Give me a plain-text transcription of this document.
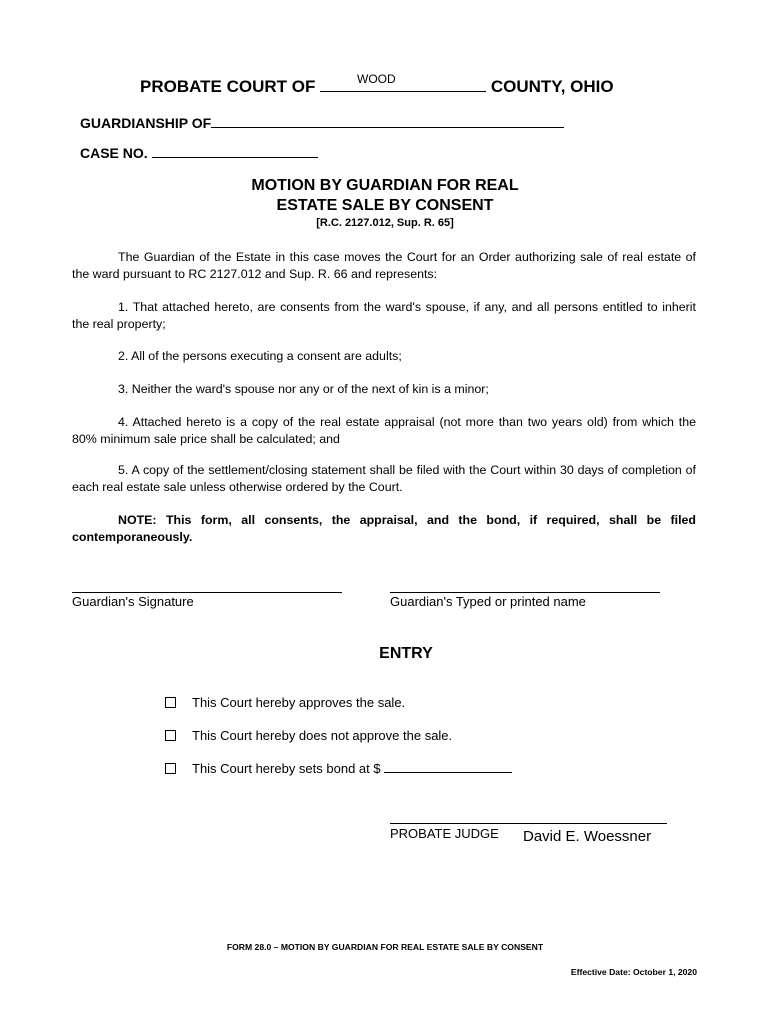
PROBATE COURT OF	COUNTY, OHIO
WOOD
GUARDIANSHIP OF
CASE NO.
MOTION BY GUARDIAN FOR REAL
ESTATE SALE BY CONSENT
[R.C. 2127.012, Sup. R. 65]
The Guardian of the Estate in this case moves the Court for an Order authorizing sale of real estate of the ward pursuant to RC 2127.012 and Sup. R. 66 and represents:
1. That attached hereto, are consents from the ward's spouse, if any, and all persons entitled to inherit the real property;
2. All of the persons executing a consent are adults;
3. Neither the ward's spouse nor any or of the next of kin is a minor;
4. Attached hereto is a copy of the real estate appraisal (not more than two years old) from which the 80% minimum sale price shall be calculated; and
5. A copy of the settlement/closing statement shall be filed with the Court within 30 days of completion of each real estate sale unless otherwise ordered by the Court.
NOTE: This form, all consents, the appraisal, and the bond, if required, shall be filed contemporaneously.
Guardian's Signature	Guardian's Typed or printed name
ENTRY
This Court hereby approves the sale.
This Court hereby does not approve the sale.
This Court hereby sets bond at $
PROBATE JUDGE David E. Woessner
FORM 28.0 – MOTION BY GUARDIAN FOR REAL ESTATE SALE BY CONSENT
Effective Date: October 1, 2020
